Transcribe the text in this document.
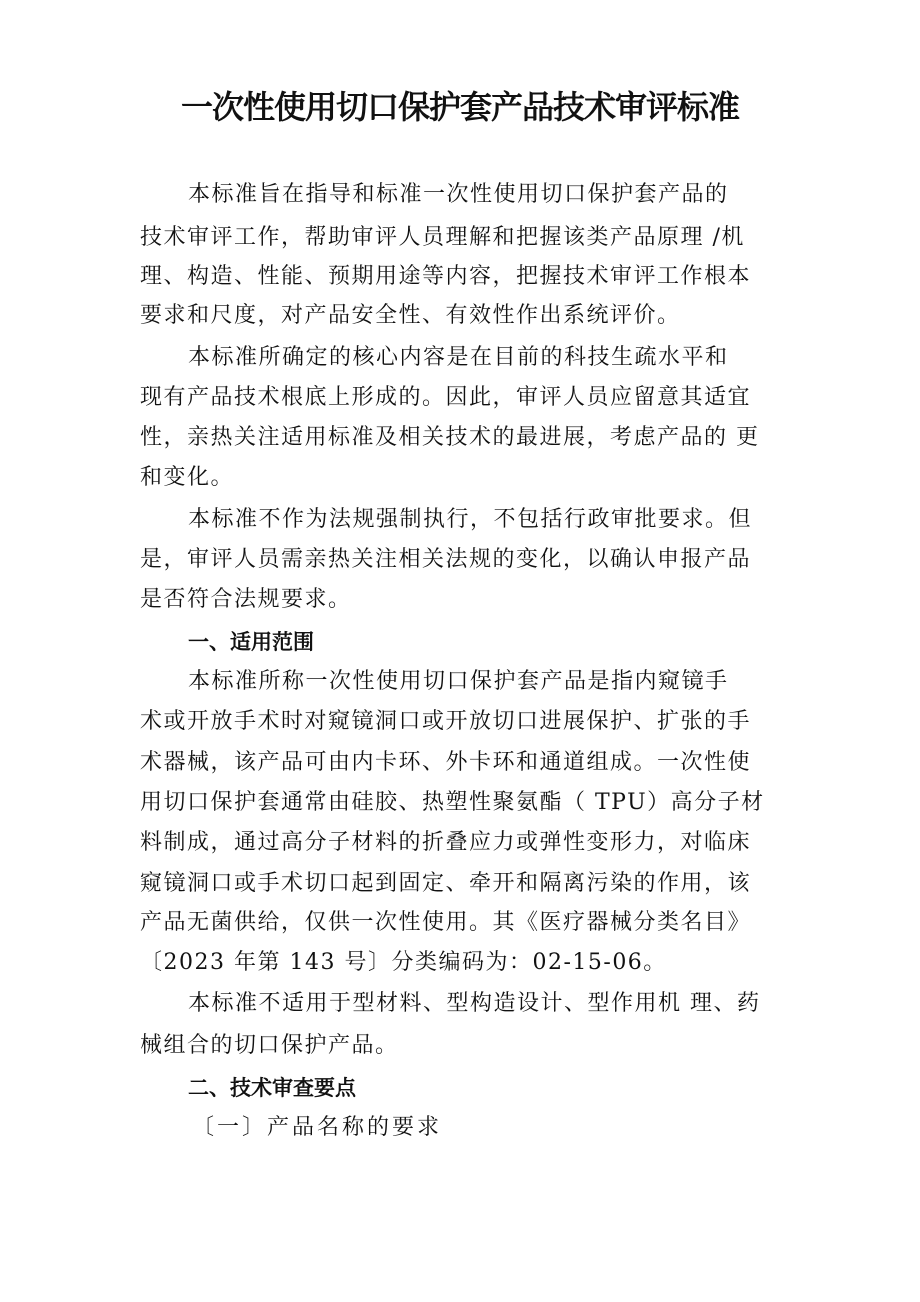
一次性使用切口保护套产品技术审评标准
本标准旨在指导和标准一次性使用切口保护套产品的
技术审评工作，帮助审评人员理解和把握该类产品原理 /机
理、构造、性能、预期用途等内容，把握技术审评工作根本
要求和尺度，对产品安全性、有效性作出系统评价。
本标准所确定的核心内容是在目前的科技生疏水平和
现有产品技术根底上形成的。因此，审评人员应留意其适宜
性，亲热关注适用标准及相关技术的最进展，考虑产品的 更
和变化。
本标准不作为法规强制执行，不包括行政审批要求。但
是，审评人员需亲热关注相关法规的变化，以确认申报产品
是否符合法规要求。
一、适用范围
本标准所称一次性使用切口保护套产品是指内窥镜手
术或开放手术时对窥镜洞口或开放切口进展保护、扩张的手
术器械，该产品可由内卡环、外卡环和通道组成。一次性使
用切口保护套通常由硅胶、热塑性聚氨酯（ TPU）高分子材
料制成，通过高分子材料的折叠应力或弹性变形力，对临床
窥镜洞口或手术切口起到固定、牵开和隔离污染的作用，该
产品无菌供给，仅供一次性使用。其《医疗器械分类名目》
〔2023 年第 143 号〕分类编码为：02-15-06。
本标准不适用于型材料、型构造设计、型作用机 理、药
械组合的切口保护产品。
二、技术审查要点
〔一〕产品名称的要求
